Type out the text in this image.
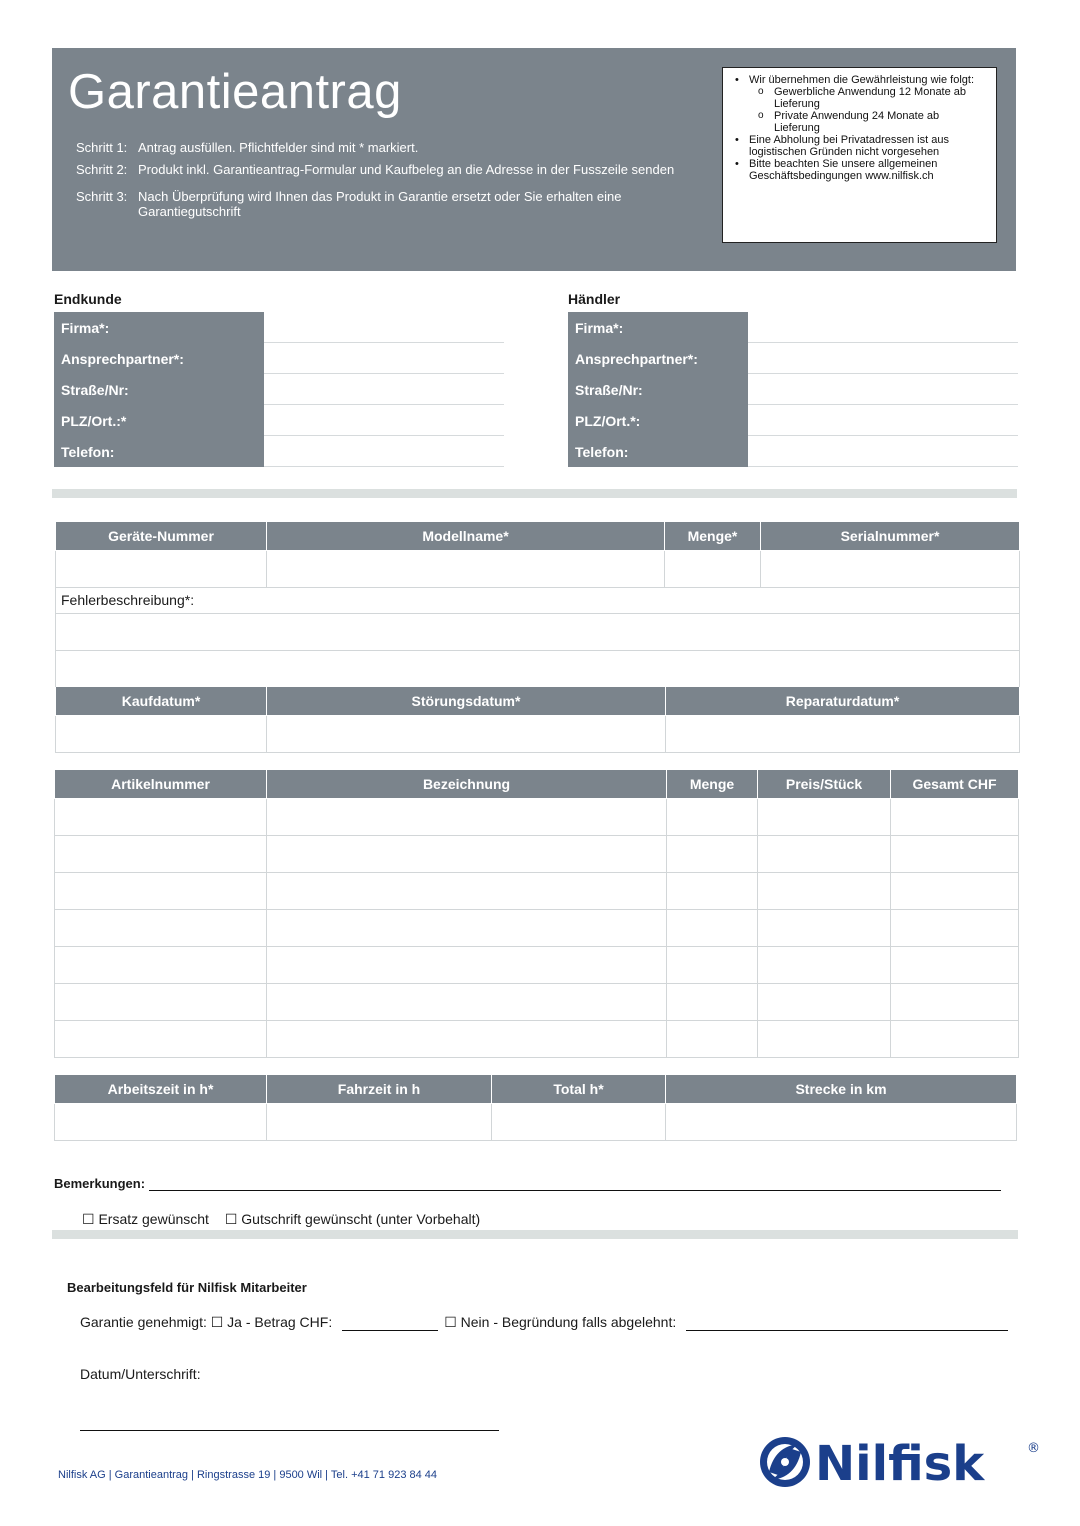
Garantieantrag
Schritt 1: Antrag ausfüllen. Pflichtfelder sind mit * markiert.
Schritt 2: Produkt inkl. Garantieantrag-Formular und Kaufbeleg an die Adresse in der Fusszeile senden
Schritt 3: Nach Überprüfung wird Ihnen das Produkt in Garantie ersetzt oder Sie erhalten eine Garantiegutschrift
• Wir übernehmen die Gewährleistung wie folgt:
o Gewerbliche Anwendung 12 Monate ab Lieferung
o Private Anwendung 24 Monate ab Lieferung
• Eine Abholung bei Privatadressen ist aus logistischen Gründen nicht vorgesehen
• Bitte beachten Sie unsere allgemeinen Geschäftsbedingungen www.nilfisk.ch
Endkunde
Firma*:
Ansprechpartner*:
Straße/Nr:
PLZ/Ort.:*
Telefon:
Händler
Firma*:
Ansprechpartner*:
Straße/Nr:
PLZ/Ort.*:
Telefon:
Geräte-Nummer	Modellname*	Menge*	Serialnummer*

Fehlerbeschreibung*:			

Kaufdatum*	Störungsdatum*	Reparaturdatum*

Artikelnummer	Bezeichnung	Menge	Preis/Stück	Gesamt CHF

Arbeitszeit in h*	Fahrzeit in h	Total h*	Strecke in km

Bemerkungen:
☐ Ersatz gewünscht ☐ Gutschrift gewünscht (unter Vorbehalt)
Bearbeitungsfeld für Nilfisk Mitarbeiter
Garantie genehmigt: ☐ Ja - Betrag CHF:	☐ Nein - Begründung falls abgelehnt:
Datum/Unterschrift:
Nilfisk AG | Garantieantrag | Ringstrasse 19 | 9500 Wil | Tel. +41 71 923 84 44	Nilfisk	®
